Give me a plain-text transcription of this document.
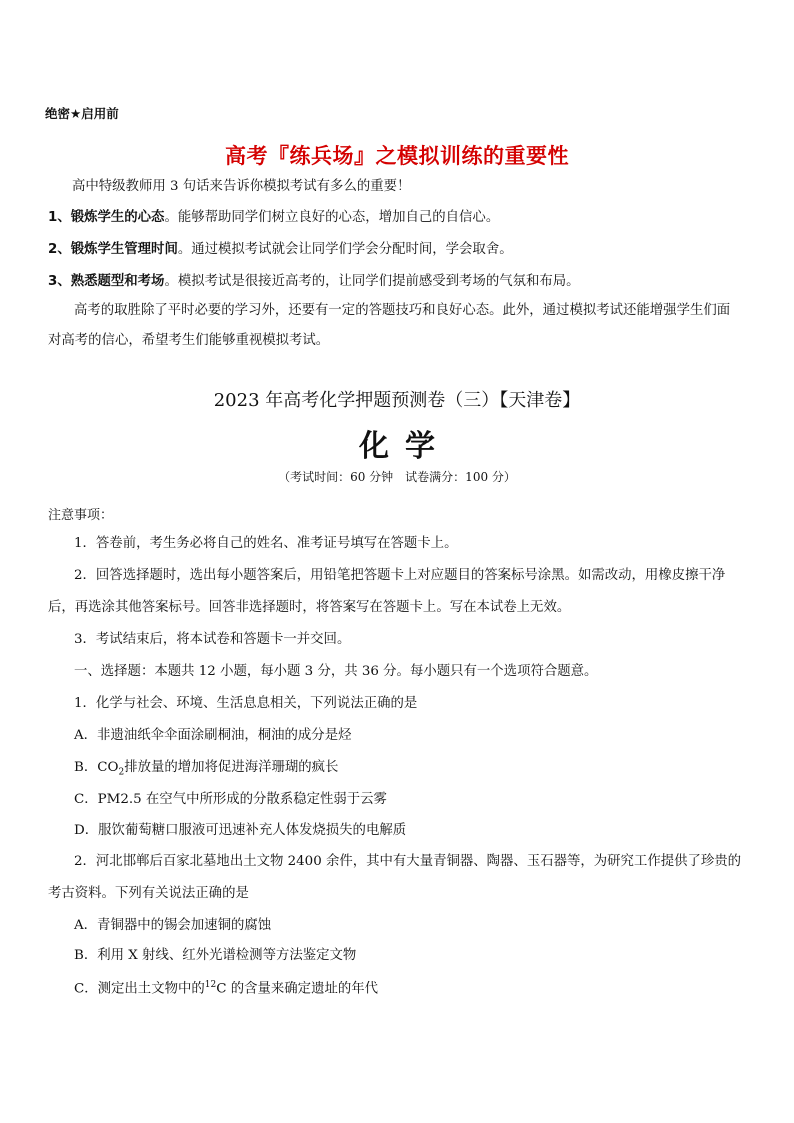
绝密★启用前
高考『练兵场』之模拟训练的重要性
高中特级教师用 3 句话来告诉你模拟考试有多么的重要！
1、锻炼学生的心态。能够帮助同学们树立良好的心态，增加自己的自信心。
2、锻炼学生管理时间。通过模拟考试就会让同学们学会分配时间，学会取舍。
3、熟悉题型和考场。模拟考试是很接近高考的，让同学们提前感受到考场的气氛和布局。
高考的取胜除了平时必要的学习外，还要有一定的答题技巧和良好心态。此外，通过模拟考试还能增强学生们面对高考的信心，希望考生们能够重视模拟考试。
2023 年高考化学押题预测卷（三）【天津卷】
化学
（考试时间：60 分钟　试卷满分：100 分）
注意事项：
1．答卷前，考生务必将自己的姓名、准考证号填写在答题卡上。
2．回答选择题时，选出每小题答案后，用铅笔把答题卡上对应题目的答案标号涂黑。如需改动，用橡皮擦干净后，再选涂其他答案标号。回答非选择题时，将答案写在答题卡上。写在本试卷上无效。
3．考试结束后，将本试卷和答题卡一并交回。
一、选择题：本题共 12 小题，每小题 3 分，共 36 分。每小题只有一个选项符合题意。
1．化学与社会、环境、生活息息相关，下列说法正确的是
A．非遗油纸伞伞面涂刷桐油，桐油的成分是烃
B．$CO_2$排放量的增加将促进海洋珊瑚的疯长
C．PM2.5 在空气中所形成的分散系稳定性弱于云雾
D．服饮葡萄糖口服液可迅速补充人体发烧损失的电解质
2．河北邯郸后百家北墓地出土文物 2400 余件，其中有大量青铜器、陶器、玉石器等，为研究工作提供了珍贵的考古资料。下列有关说法正确的是
A．青铜器中的锡会加速铜的腐蚀
B．利用 X 射线、红外光谱检测等方法鉴定文物
C．测定出土文物中的$^{12}$C 的含量来确定遗址的年代
